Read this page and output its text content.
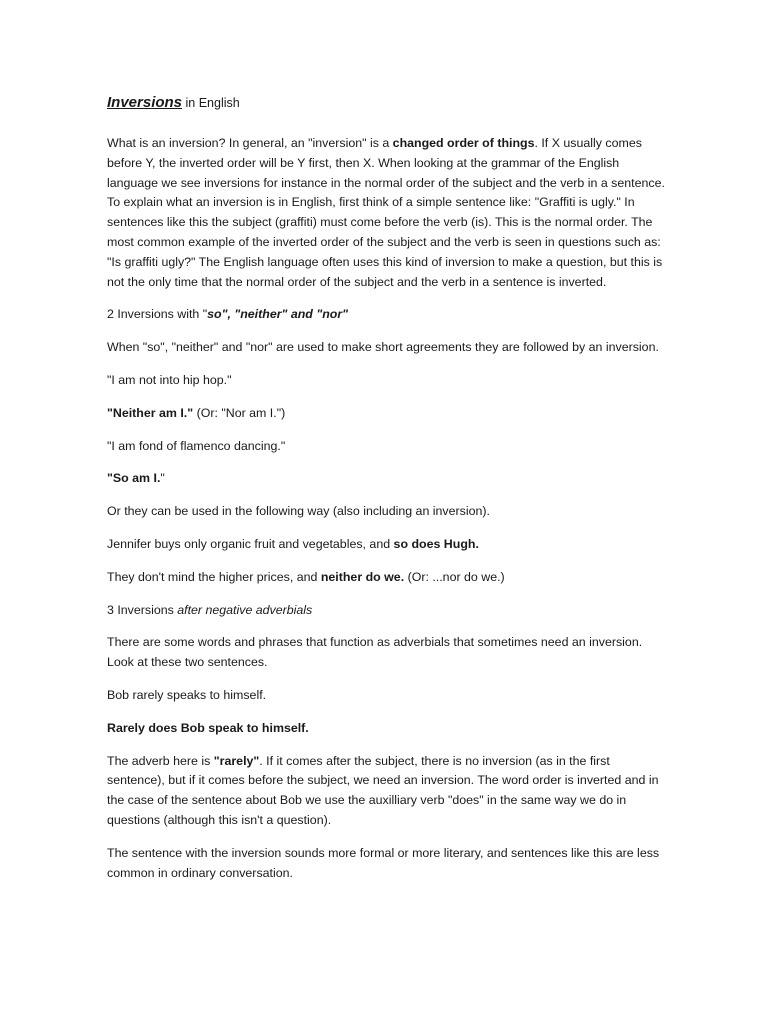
Inversions in English

What is an inversion? In general, an "inversion" is a changed order of things. If X usually comes before Y, the inverted order will be Y first, then X. When looking at the grammar of the English language we see inversions for instance in the normal order of the subject and the verb in a sentence. To explain what an inversion is in English, first think of a simple sentence like: "Graffiti is ugly." In sentences like this the subject (graffiti) must come before the verb (is). This is the normal order. The most common example of the inverted order of the subject and the verb is seen in questions such as: "Is graffiti ugly?" The English language often uses this kind of inversion to make a question, but this is not the only time that the normal order of the subject and the verb in a sentence is inverted.

2 Inversions with "so", "neither" and "nor"

When "so", "neither" and "nor" are used to make short agreements they are followed by an inversion.

"I am not into hip hop."

"Neither am I." (Or: "Nor am I.")

"I am fond of flamenco dancing."

"So am I."

Or they can be used in the following way (also including an inversion).

Jennifer buys only organic fruit and vegetables, and so does Hugh.

They don't mind the higher prices, and neither do we. (Or: ...nor do we.)

3 Inversions after negative adverbials

There are some words and phrases that function as adverbials that sometimes need an inversion. Look at these two sentences.

Bob rarely speaks to himself.

Rarely does Bob speak to himself.

The adverb here is "rarely". If it comes after the subject, there is no inversion (as in the first sentence), but if it comes before the subject, we need an inversion. The word order is inverted and in the case of the sentence about Bob we use the auxilliary verb "does" in the same way we do in questions (although this isn't a question).

The sentence with the inversion sounds more formal or more literary, and sentences like this are less common in ordinary conversation.
